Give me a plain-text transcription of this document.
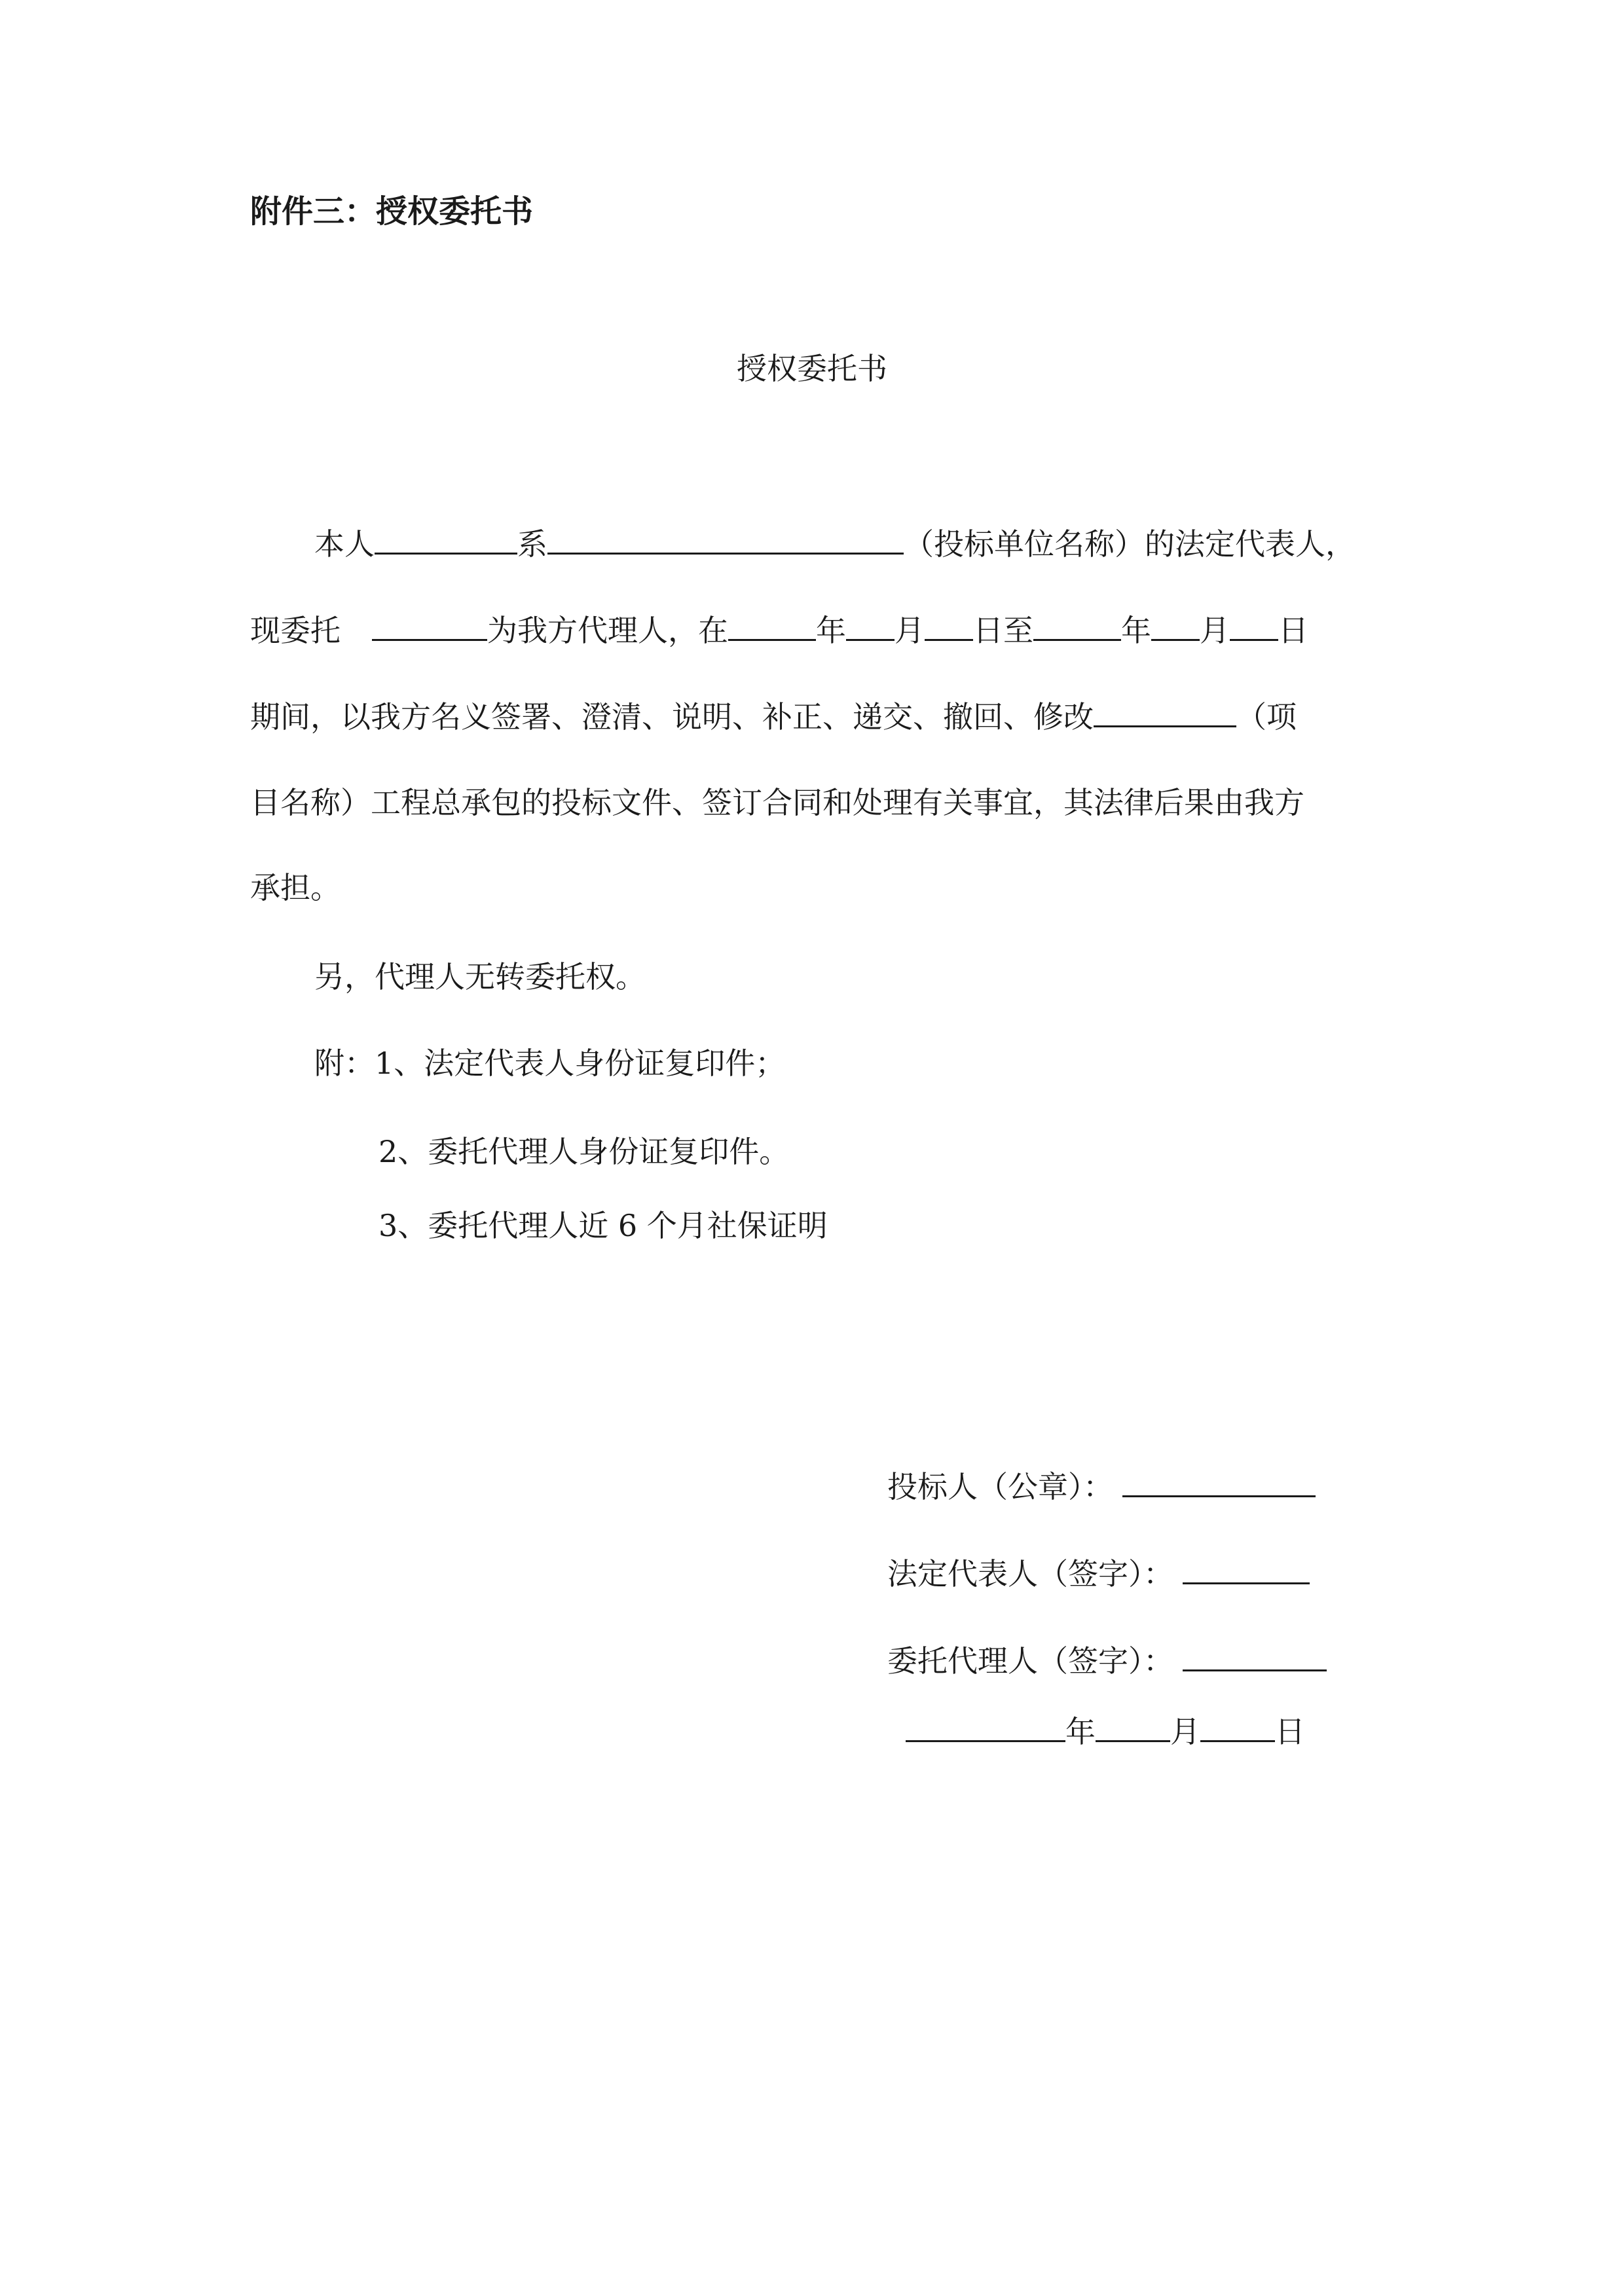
附件三：授权委托书
授权委托书
本人	系	（投标单位名称）的法定代表人，
现委托	为我方代理人，在	年 月 日至	年 月 日
期间，以我方名义签署、澄清、说明、补正、递交、撤回、修改	（项
目名称）工程总承包的投标文件、签订合同和处理有关事宜，其法律后果由我方
承担。
另，代理人无转委托权。
附：1、法定代表人身份证复印件；
2、委托代理人身份证复印件。
3、委托代理人近 6 个月社保证明
投标人（公章）：
法定代表人（签字）：
委托代理人（签字）：
年 月 日
